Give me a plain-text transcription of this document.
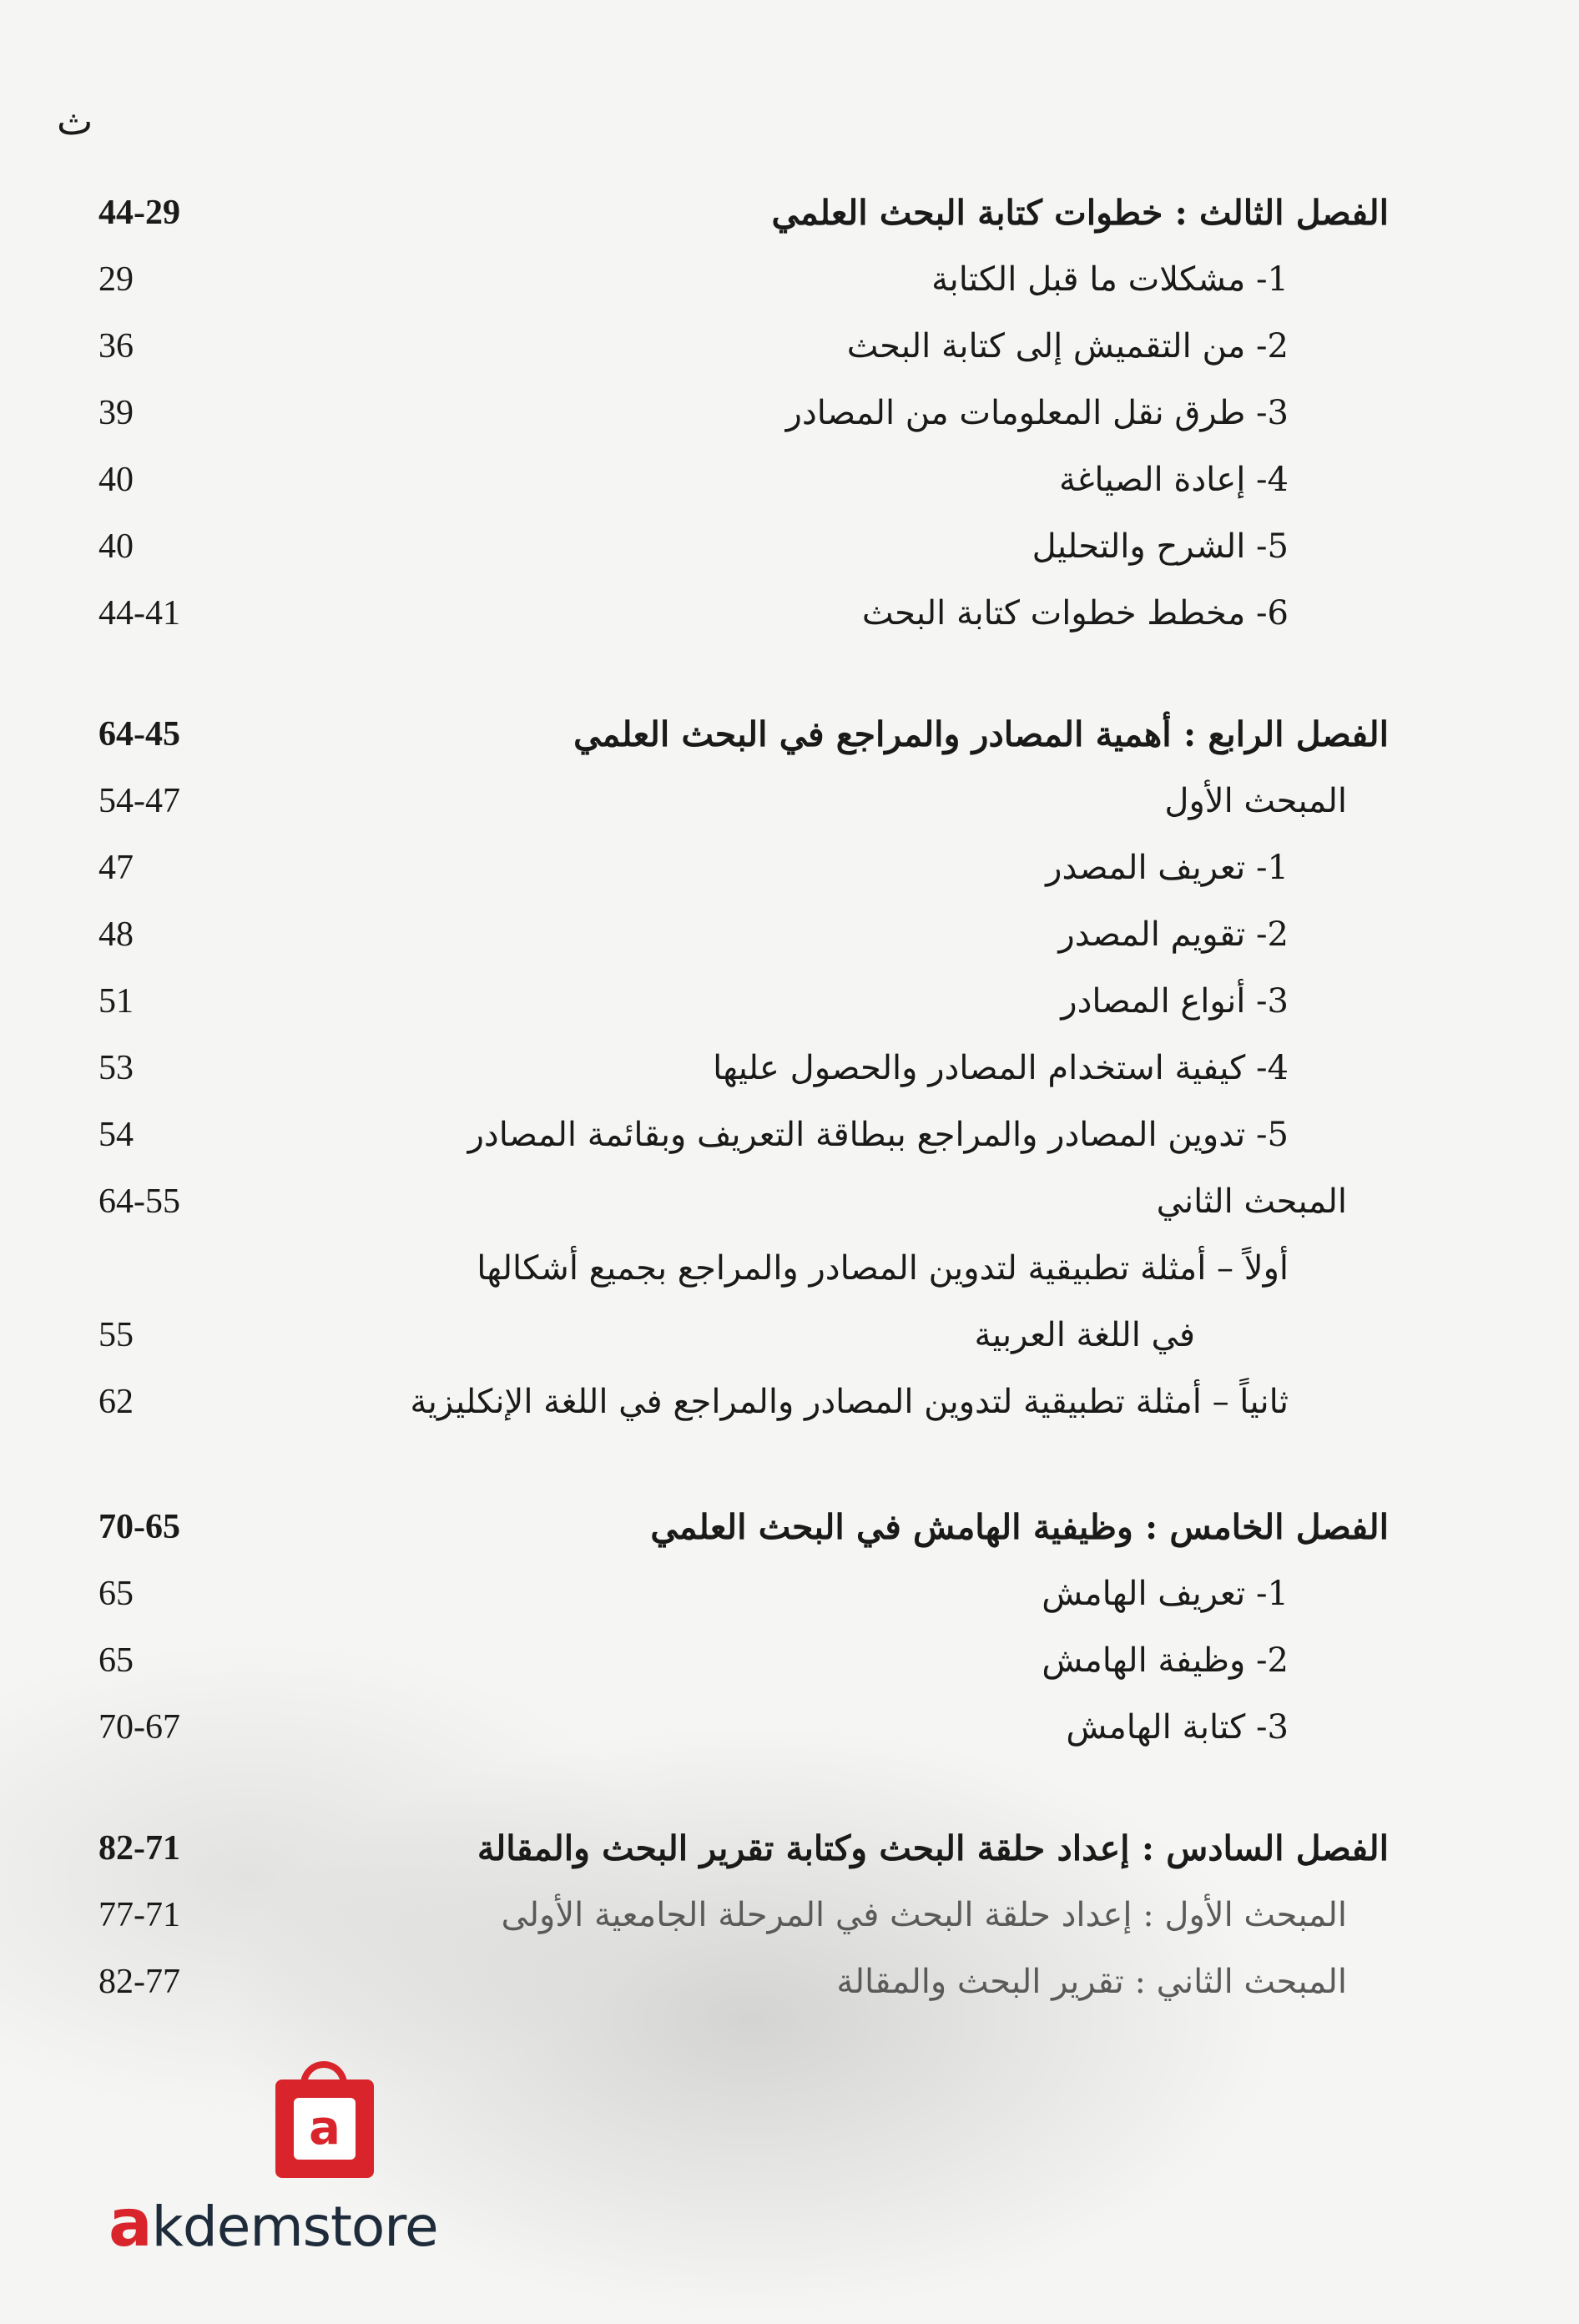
ث
الفصل الثالث : خطوات كتابة البحث العلمي
44-29
1- مشكلات ما قبل الكتابة
29
2- من التقميش إلى كتابة البحث
36
3- طرق نقل المعلومات من المصادر
39
4- إعادة الصياغة
40
5- الشرح والتحليل
40
6- مخطط خطوات كتابة البحث
44-41
الفصل الرابع : أهمية المصادر والمراجع في البحث العلمي
64-45
المبحث الأول
54-47
1- تعريف المصدر
47
2- تقويم المصدر
48
3- أنواع المصادر
51
4- كيفية استخدام المصادر والحصول عليها
53
5- تدوين المصادر والمراجع ببطاقة التعريف وبقائمة المصادر
54
المبحث الثاني
64-55
أولاً – أمثلة تطبيقية لتدوين المصادر والمراجع بجميع أشكالها
في اللغة العربية
55
ثانياً – أمثلة تطبيقية لتدوين المصادر والمراجع في اللغة الإنكليزية
62
الفصل الخامس : وظيفية الهامش في البحث العلمي
70-65
1- تعريف الهامش
65
2- وظيفة الهامش
65
3- كتابة الهامش
70-67
الفصل السادس : إعداد حلقة البحث وكتابة تقرير البحث والمقالة
82-71
المبحث الأول : إعداد حلقة البحث في المرحلة الجامعية الأولى
77-71
المبحث الثاني : تقرير البحث والمقالة
82-77
a
akdemstore
